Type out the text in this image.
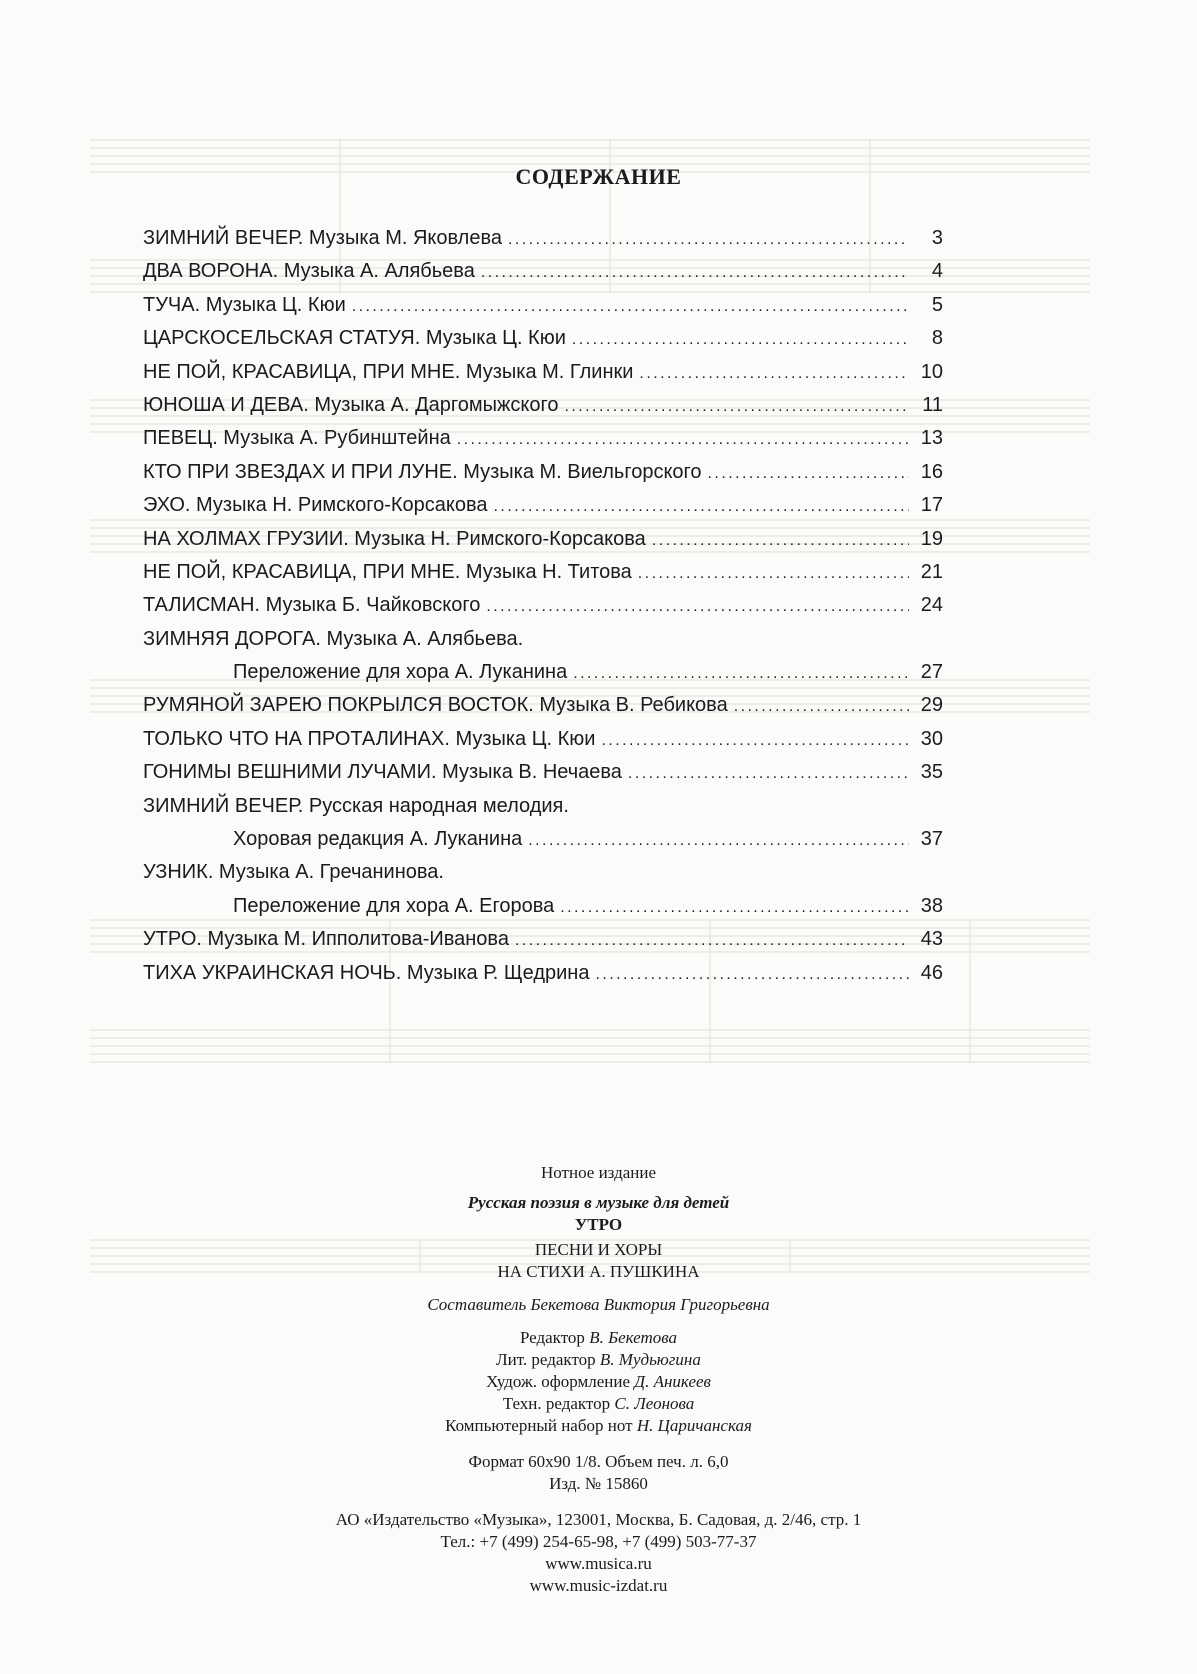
СОДЕРЖАНИЕ
ЗИМНИЙ ВЕЧЕР. Музыка М. Яковлева . . .	3
ДВА ВОРОНА. Музыка А. Алябьева . . .	4
ТУЧА. Музыка Ц. Кюи . . .	5
ЦАРСКОСЕЛЬСКАЯ СТАТУЯ. Музыка Ц. Кюи . . .	8
НЕ ПОЙ, КРАСАВИЦА, ПРИ МНЕ. Музыка М. Глинки . . .	10
ЮНОША И ДЕВА. Музыка А. Даргомыжского . . .	11
ПЕВЕЦ. Музыка А. Рубинштейна . . .	13
КТО ПРИ ЗВЕЗДАХ И ПРИ ЛУНЕ. Музыка М. Виельгорского . . .	16
ЭХО. Музыка Н. Римского-Корсакова . . .	17
НА ХОЛМАХ ГРУЗИИ. Музыка Н. Римского-Корсакова . . .	19
НЕ ПОЙ, КРАСАВИЦА, ПРИ МНЕ. Музыка Н. Титова . . .	21
ТАЛИСМАН. Музыка Б. Чайковского . . .	24
ЗИМНЯЯ ДОРОГА. Музыка А. Алябьева.
Переложение для хора А. Луканина . . .	27
РУМЯНОЙ ЗАРЕЮ ПОКРЫЛСЯ ВОСТОК. Музыка В. Ребикова . . .	29
ТОЛЬКО ЧТО НА ПРОТАЛИНАХ. Музыка Ц. Кюи . . .	30
ГОНИМЫ ВЕШНИМИ ЛУЧАМИ. Музыка В. Нечаева . . .	35
ЗИМНИЙ ВЕЧЕР. Русская народная мелодия.
Хоровая редакция А. Луканина . . .	37
УЗНИК. Музыка А. Гречанинова.
Переложение для хора А. Егорова . . .	38
УТРО. Музыка М. Ипполитова-Иванова . . .	43
ТИХА УКРАИНСКАЯ НОЧЬ. Музыка Р. Щедрина . . .	46
Нотное издание
Русская поэзия в музыке для детей
УТРО
ПЕСНИ И ХОРЫ
НА СТИХИ А. ПУШКИНА
Составитель Бекетова Виктория Григорьевна
Редактор В. Бекетова
Лит. редактор В. Мудьюгина
Худож. оформление Д. Аникеев
Техн. редактор С. Леонова
Компьютерный набор нот Н. Царичанская
Формат 60х90 1/8. Объем печ. л. 6,0
Изд. № 15860
АО «Издательство «Музыка», 123001, Москва, Б. Садовая, д. 2/46, стр. 1
Тел.: +7 (499) 254-65-98, +7 (499) 503-77-37
www.musica.ru
www.music-izdat.ru
